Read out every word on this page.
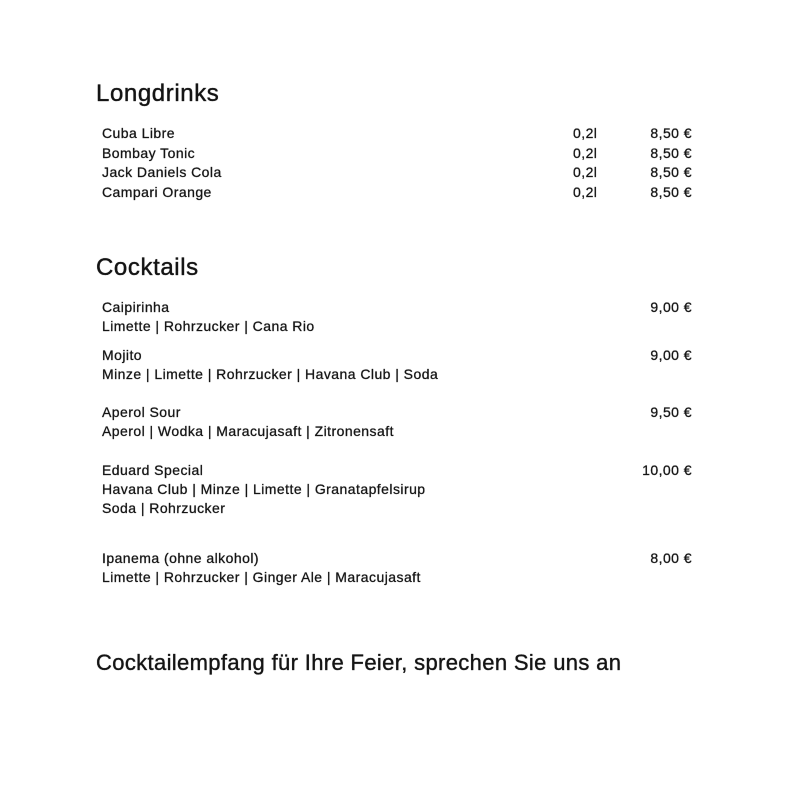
Longdrinks
Cuba Libre	0,2l	8,50 €
Bombay Tonic	0,2l	8,50 €
Jack Daniels Cola	0,2l	8,50 €
Campari Orange	0,2l	8,50 €
Cocktails
Caipirinha	9,00 €
Limette | Rohrzucker | Cana Rio
Mojito	9,00 €
Minze | Limette | Rohrzucker | Havana Club | Soda
Aperol Sour	9,50 €
Aperol | Wodka | Maracujasaft | Zitronensaft
Eduard Special	10,00 €
Havana Club | Minze | Limette | Granatapfelsirup
Soda | Rohrzucker
Ipanema (ohne alkohol)	8,00 €
Limette | Rohrzucker | Ginger Ale | Maracujasaft

Cocktailempfang für Ihre Feier, sprechen Sie uns an
